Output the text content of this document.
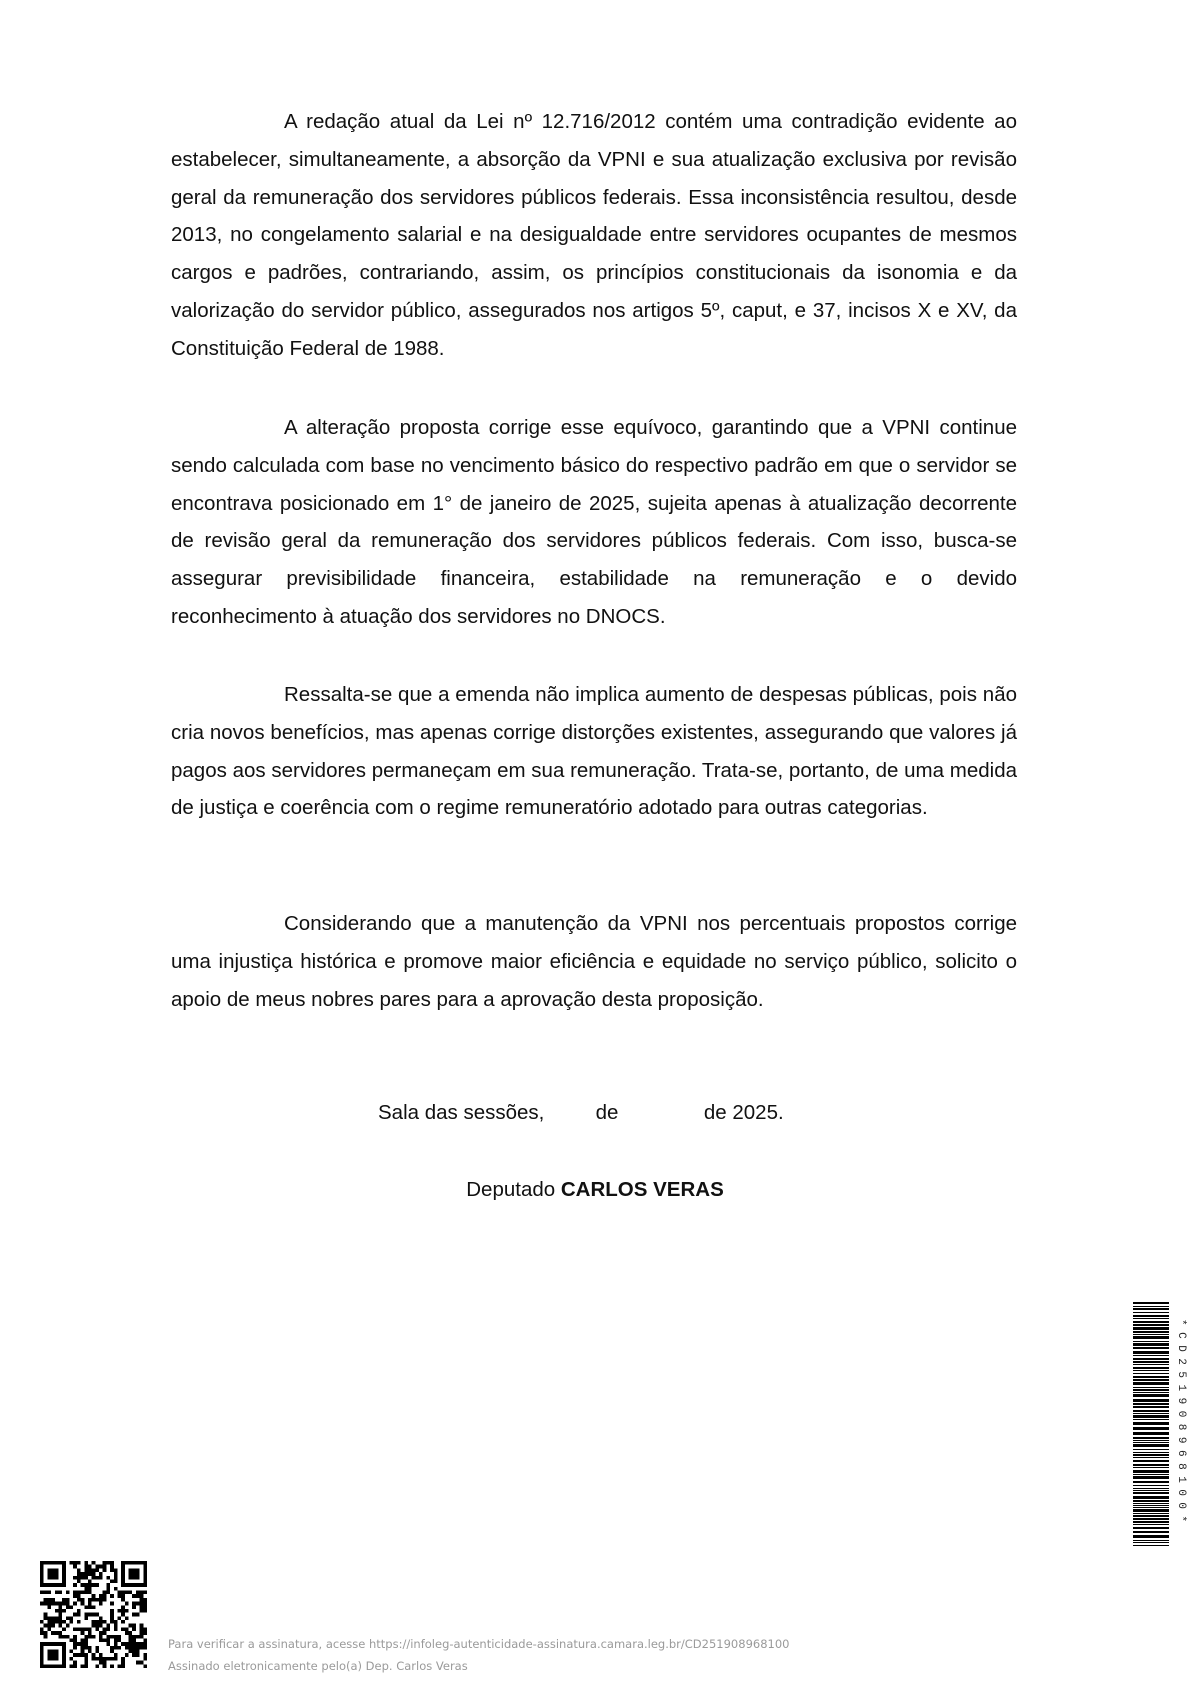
A redação atual da Lei nº 12.716/2012 contém uma contradição evidente ao estabelecer, simultaneamente, a absorção da VPNI e sua atualização exclusiva por revisão geral da remuneração dos servidores públicos federais. Essa inconsistência resultou, desde 2013, no congelamento salarial e na desigualdade entre servidores ocupantes de mesmos cargos e padrões, contrariando, assim, os princípios constitucionais da isonomia e da valorização do servidor público, assegurados nos artigos 5º, caput, e 37, incisos X e XV, da Constituição Federal de 1988.

A alteração proposta corrige esse equívoco, garantindo que a VPNI continue sendo calculada com base no vencimento básico do respectivo padrão em que o servidor se encontrava posicionado em 1° de janeiro de 2025, sujeita apenas à atualização decorrente de revisão geral da remuneração dos servidores públicos federais. Com isso, busca-se assegurar previsibilidade financeira, estabilidade na remuneração e o devido reconhecimento à atuação dos servidores no DNOCS.

Ressalta-se que a emenda não implica aumento de despesas públicas, pois não cria novos benefícios, mas apenas corrige distorções existentes, assegurando que valores já pagos aos servidores permaneçam em sua remuneração. Trata-se, portanto, de uma medida de justiça e coerência com o regime remuneratório adotado para outras categorias.

Considerando que a manutenção da VPNI nos percentuais propostos corrige uma injustiça histórica e promove maior eficiência e equidade no serviço público, solicito o apoio de meus nobres pares para a aprovação desta proposição.

Sala das sessões,         de               de 2025.
Deputado CARLOS VERAS
*CD251908968100*
Para verificar a assinatura, acesse https://infoleg-autenticidade-assinatura.camara.leg.br/CD251908968100
Assinado eletronicamente pelo(a) Dep. Carlos Veras
